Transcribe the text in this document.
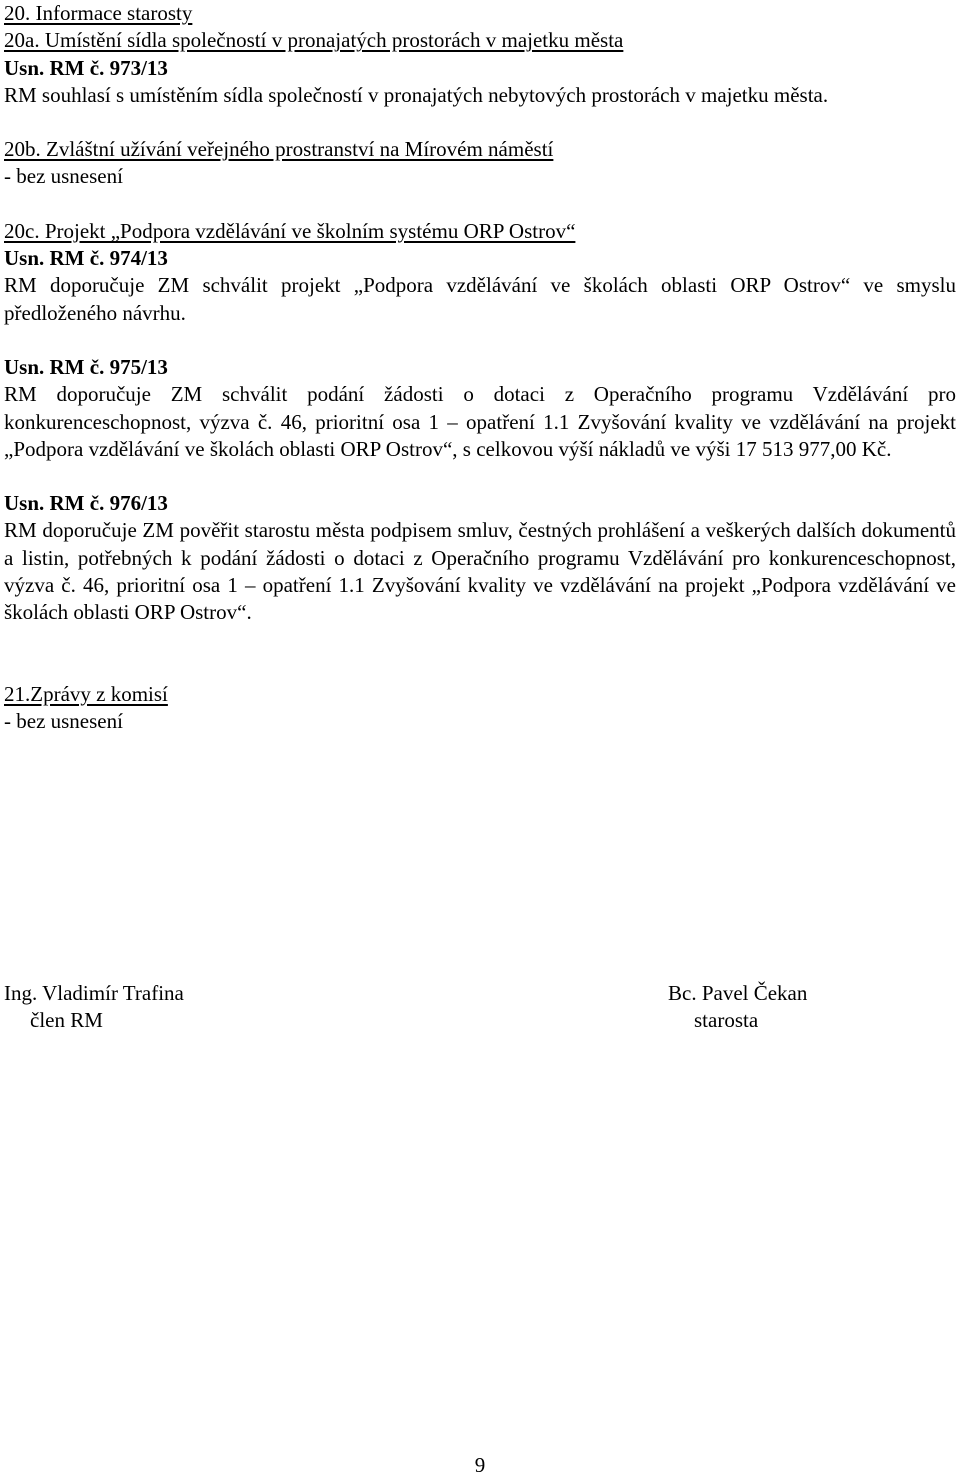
20. Informace starosty
20a. Umístění sídla společností v pronajatých prostorách v majetku města
Usn. RM č. 973/13
RM souhlasí s umístěním sídla společností v pronajatých nebytových prostorách v majetku města.
20b. Zvláštní užívání veřejného prostranství na Mírovém náměstí
- bez usnesení
20c. Projekt „Podpora vzdělávání ve školním systému ORP Ostrov“
Usn. RM č. 974/13
RM doporučuje ZM schválit projekt „Podpora vzdělávání ve školách oblasti ORP Ostrov“ ve smyslu předloženého návrhu.
Usn. RM č. 975/13
RM doporučuje ZM schválit podání žádosti o dotaci z Operačního programu Vzdělávání pro konkurenceschopnost, výzva č. 46, prioritní osa 1 – opatření 1.1 Zvyšování kvality ve vzdělávání na projekt „Podpora vzdělávání ve školách oblasti ORP Ostrov“, s celkovou výší nákladů ve výši 17 513 977,00 Kč.
Usn. RM č. 976/13
RM doporučuje ZM pověřit starostu města podpisem smluv, čestných prohlášení a veškerých dalších dokumentů a listin, potřebných k podání žádosti o dotaci z Operačního programu Vzdělávání pro konkurenceschopnost, výzva č. 46, prioritní osa 1 – opatření 1.1 Zvyšování kvality ve vzdělávání na projekt „Podpora vzdělávání ve školách oblasti ORP Ostrov“.
21.Zprávy z komisí
- bez usnesení
Ing. Vladimír Trafina
člen RM
Bc. Pavel Čekan
starosta
9
